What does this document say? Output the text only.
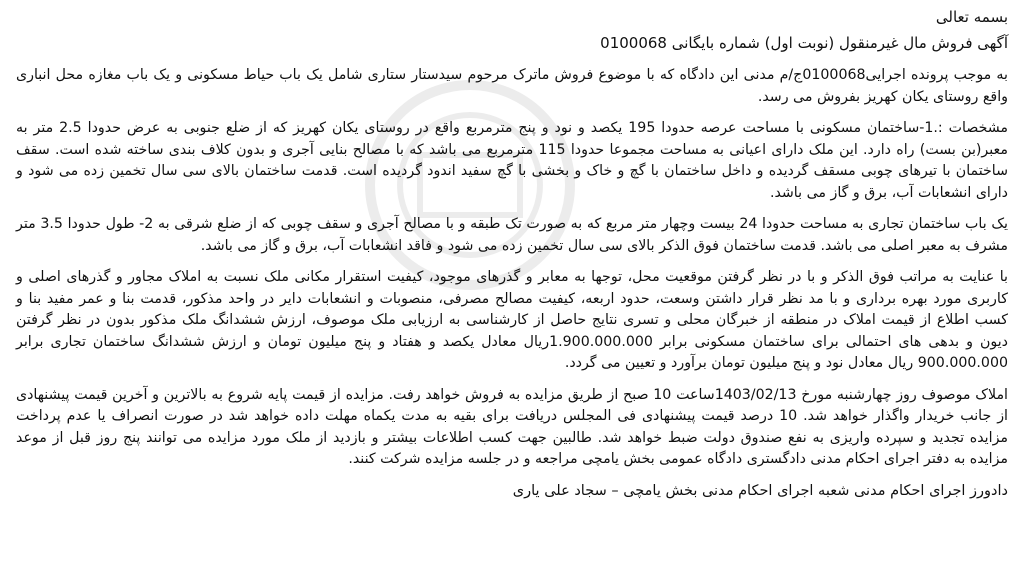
بسمه تعالی
آگهی فروش مال غیرمنقول (نوبت اول) شماره بایگانی 0100068

به موجب پرونده اجرایی0100068ج/م مدنی این دادگاه که با موضوع فروش ماترک مرحوم سیدستار ستاری شامل یک باب حیاط مسکونی و یک باب مغازه محل انباری واقع روستای یکان کهریز بفروش می رسد.

مشخصات :.1-ساختمان مسکونی با مساحت عرصه حدودا 195 یکصد و نود و پنج مترمربع واقع در روستای یکان کهریز که از ضلع جنوبی به عرض حدودا 2.5 متر به معبر(بن بست) راه دارد. این ملک دارای اعیانی به مساحت مجموعا حدودا 115 مترمربع می باشد که با مصالح بنایی آجری و بدون کلاف بندی ساخته شده است. سقف ساختمان با تیرهای چوبی مسقف گردیده و داخل ساختمان با گچ و خاک و بخشی با گچ سفید اندود گردیده است. قدمت ساختمان بالای سی سال تخمین زده می شود و دارای انشعابات آب، برق و گاز می باشد.

یک باب ساختمان تجاری به مساحت حدودا 24 بیست وچهار متر مربع که به صورت تک طبقه و با مصالح آجری و سقف چوبی که از ضلع شرقی به 2- طول حدودا 3.5 متر مشرف به معبر اصلی می باشد. قدمت ساختمان فوق الذکر بالای سی سال تخمین زده می شود و فاقد انشعابات آب، برق و گاز می باشد.

با عنایت به مراتب فوق الذکر و با در نظر گرفتن موقعیت محل، توجها به معابر و گذرهای موجود، کیفیت استقرار مکانی ملک نسبت به املاک مجاور و گذرهای اصلی و کاربری مورد بهره برداری و با مد نظر قرار داشتن وسعت، حدود اربعه، کیفیت مصالح مصرفی، منصوبات و انشعابات دایر در واحد مذکور، قدمت بنا و عمر مفید بنا و کسب اطلاع از قیمت املاک در منطقه از خبرگان محلی و تسری نتایج حاصل از کارشناسی به ارزیابی ملک موصوف، ارزش ششدانگ ملک مذکور بدون در نظر گرفتن دیون و بدهی های احتمالی برای ساختمان مسکونی برابر 1.900.000.000ریال معادل یکصد و هفتاد و پنج میلیون تومان و ارزش ششدانگ ساختمان تجاری برابر 900.000.000 ریال معادل نود و پنج میلیون تومان برآورد و تعیین می گردد.

املاک موصوف روز چهارشنبه مورخ 1403/02/13ساعت 10 صبح از طریق مزایده به فروش خواهد رفت. مزایده از قیمت پایه شروع به بالاترین و آخرین قیمت پیشنهادی از جانب خریدار واگذار خواهد شد. 10 درصد قیمت پیشنهادی فی المجلس دریافت برای بقیه به مدت یکماه مهلت داده خواهد شد در صورت انصراف یا عدم پرداخت مزایده تجدید و سپرده واریزی به نفع صندوق دولت ضبط خواهد شد. طالبین جهت کسب اطلاعات بیشتر و بازدید از ملک مورد مزایده می توانند پنج روز قبل از موعد مزایده به دفتر اجرای احکام مدنی دادگستری دادگاه عمومی بخش یامچی مراجعه و در جلسه مزایده شرکت کنند.

دادورز اجرای احکام مدنی شعبه اجرای احکام مدنی بخش یامچی – سجاد علی یاری
